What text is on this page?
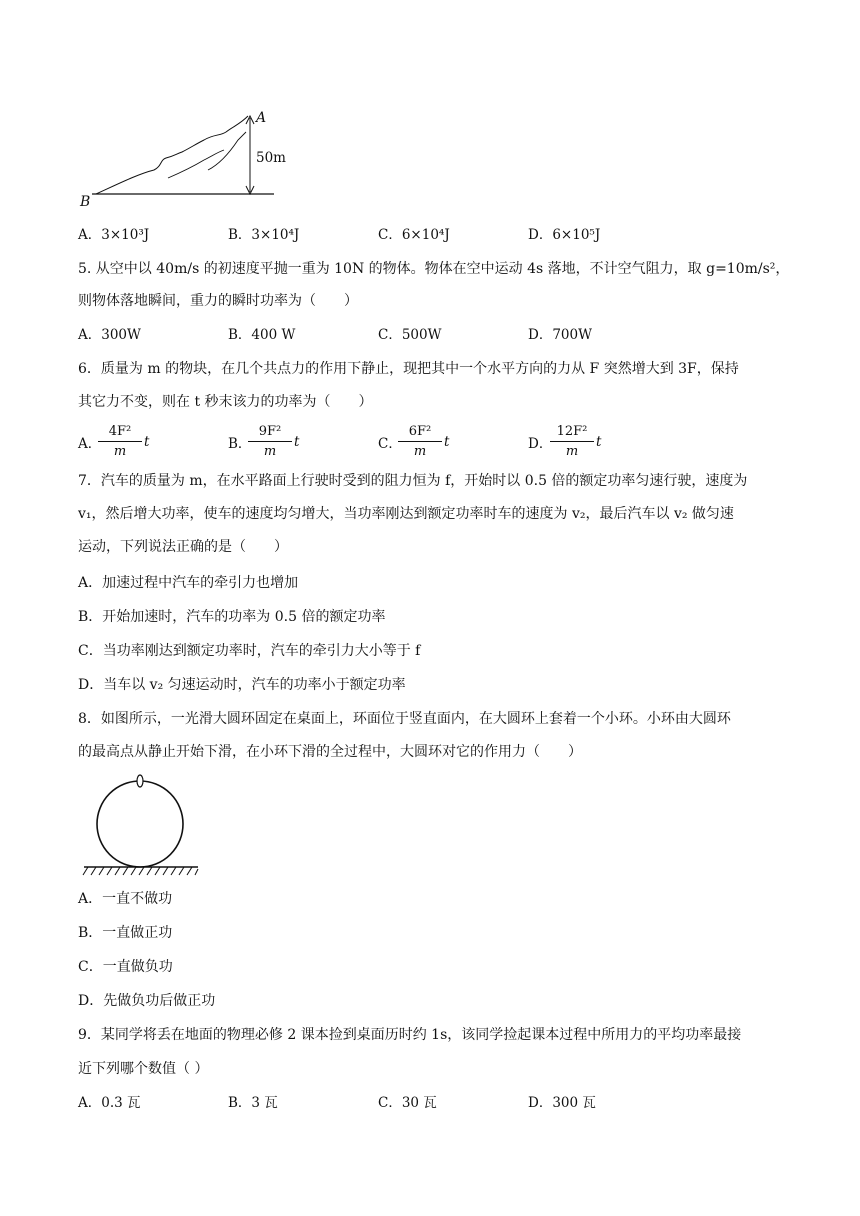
A
B
50m
A．3×10³J	B．3×10⁴J	C．6×10⁴J	D．6×10⁵J
5. 从空中以 40m/s 的初速度平抛一重为 10N 的物体。物体在空中运动 4s 落地，不计空气阻力，取 g=10m/s²，
则物体落地瞬间，重力的瞬时功率为（　　）
A．300W	B．400 W	C．500W	D．700W
6．质量为 m 的物块，在几个共点力的作用下静止，现把其中一个水平方向的力从 F 突然增大到 3F，保持
其它力不变，则在 t 秒末该力的功率为（　　）
A．
$\frac{\text{4F²}}{m}$ t	B．
$\frac{\text{9F²}}{m}$ t	C．
$\frac{\text{6F²}}{m}$ t	D．
$\frac{\text{12F²}}{m}$ t
7．汽车的质量为 m，在水平路面上行驶时受到的阻力恒为 f，开始时以 0.5 倍的额定功率匀速行驶，速度为
v₁，然后增大功率，使车的速度均匀增大，当功率刚达到额定功率时车的速度为 v₂，最后汽车以 v₂ 做匀速
运动，下列说法正确的是（　　）
A．加速过程中汽车的牵引力也增加
B．开始加速时，汽车的功率为 0.5 倍的额定功率
C．当功率刚达到额定功率时，汽车的牵引力大小等于 f
D．当车以 v₂ 匀速运动时，汽车的功率小于额定功率
8．如图所示，一光滑大圆环固定在桌面上，环面位于竖直面内，在大圆环上套着一个小环。小环由大圆环
的最高点从静止开始下滑，在小环下滑的全过程中，大圆环对它的作用力（　　）
A．一直不做功
B．一直做正功
C．一直做负功
D．先做负功后做正功
9．某同学将丢在地面的物理必修 2 课本捡到桌面历时约 1s，该同学捡起课本过程中所用力的平均功率最接
近下列哪个数值（ ）
A．0.3 瓦	B．3 瓦	C．30 瓦	D．300 瓦
